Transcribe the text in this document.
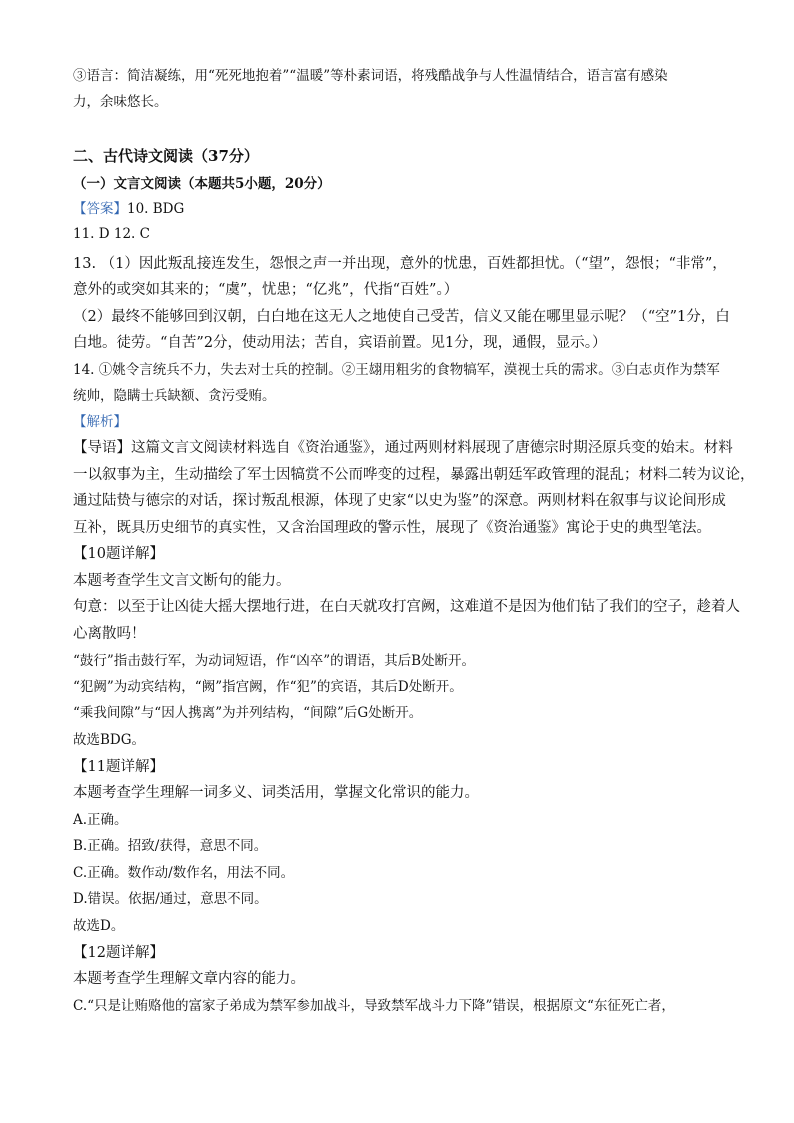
③语言：简洁凝练，用“死死地抱着”“温暖”等朴素词语，将残酷战争与人性温情结合，语言富有感染
力，余味悠长。
二、古代诗文阅读（37分）
（一）文言文阅读（本题共5小题，20分）
【答案】10. BDG
11. D 12. C
13. （1）因此叛乱接连发生，怨恨之声一并出现，意外的忧患，百姓都担忧。（“望”，怨恨；“非常”，
意外的或突如其来的；“虞”，忧患；“亿兆”，代指“百姓”。）
（2）最终不能够回到汉朝，白白地在这无人之地使自己受苦，信义又能在哪里显示呢？（“空”1分，白
白地。徒劳。“自苦”2分，使动用法；苦自，宾语前置。见1分，现，通假，显示。）
14. ①姚令言统兵不力，失去对士兵的控制。②王翃用粗劣的食物犒军，漠视士兵的需求。③白志贞作为禁军
统帅，隐瞒士兵缺额、贪污受贿。
【解析】
【导语】这篇文言文阅读材料选自《资治通鉴》，通过两则材料展现了唐德宗时期泾原兵变的始末。材料
一以叙事为主，生动描绘了军士因犒赏不公而哗变的过程，暴露出朝廷军政管理的混乱；材料二转为议论，
通过陆贽与德宗的对话，探讨叛乱根源，体现了史家“以史为鉴”的深意。两则材料在叙事与议论间形成
互补，既具历史细节的真实性，又含治国理政的警示性，展现了《资治通鉴》寓论于史的典型笔法。
【10题详解】
本题考查学生文言文断句的能力。
句意：以至于让凶徒大摇大摆地行进，在白天就攻打宫阙，这难道不是因为他们钻了我们的空子，趁着人
心离散吗！
“鼓行”指击鼓行军，为动词短语，作“凶卒”的谓语，其后B处断开。
“犯阙”为动宾结构，“阙”指宫阙，作“犯”的宾语，其后D处断开。
“乘我间隙”与“因人携离”为并列结构，“间隙”后G处断开。
故选BDG。
【11题详解】
本题考查学生理解一词多义、词类活用，掌握文化常识的能力。
A.正确。
B.正确。招致/获得，意思不同。
C.正确。数作动/数作名，用法不同。
D.错误。依据/通过，意思不同。
故选D。
【12题详解】
本题考查学生理解文章内容的能力。
C.“只是让贿赂他的富家子弟成为禁军参加战斗，导致禁军战斗力下降”错误，根据原文“东征死亡者，
